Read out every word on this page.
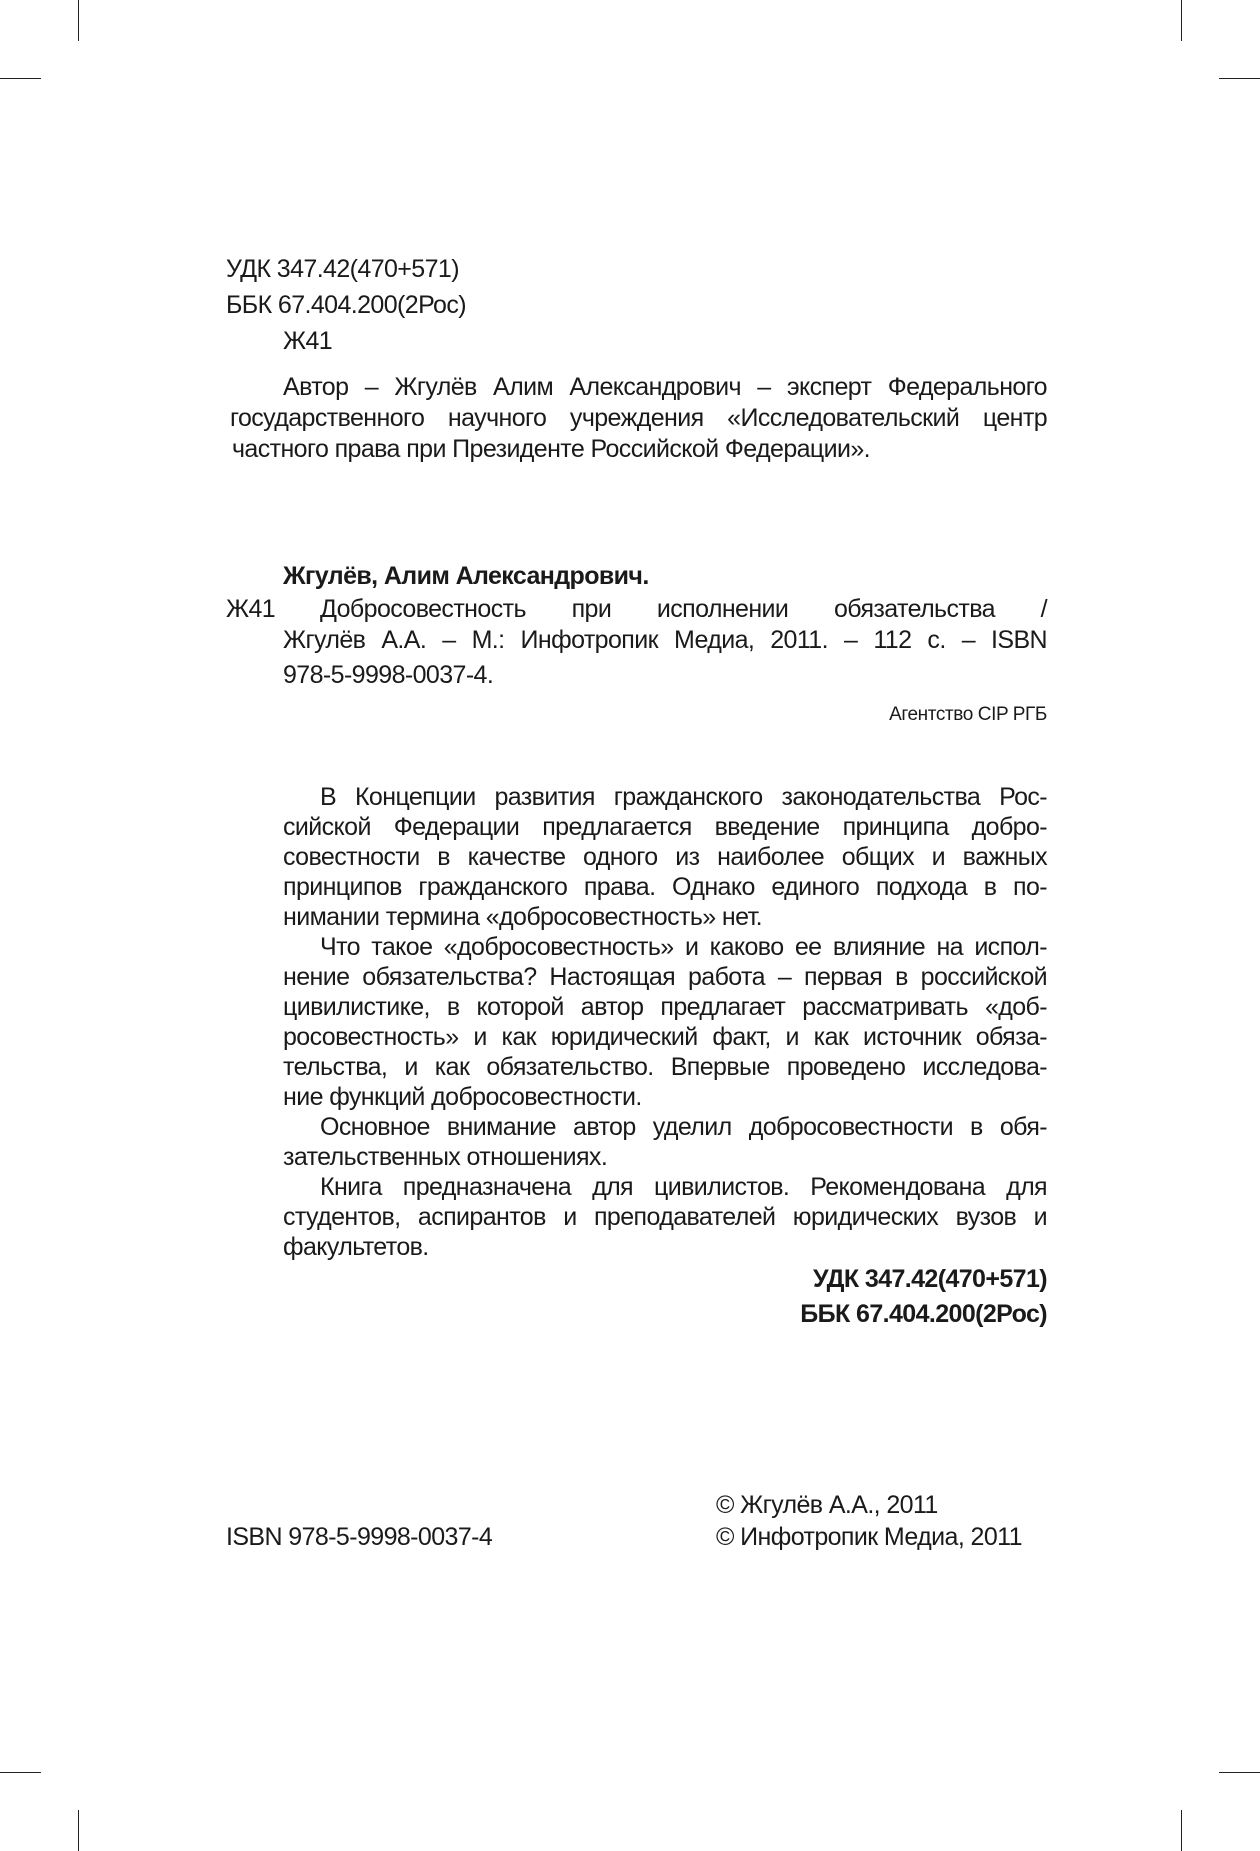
УДК 347.42(470+571)
ББК 67.404.200(2Рос)
Ж41
Автор – Жгулёв Алим Александрович – эксперт Федерального
государственного научного учреждения «Исследовательский центр
частного права при Президенте Российской Федерации».
Жгулёв, Алим Александрович.
Ж41 Добросовестность при исполнении обязательства /
Жгулёв А.А. – М.: Инфотропик Медиа, 2011. – 112 с. – ISBN
978-5-9998-0037-4.
Агентство CIP РГБ
В Концепции развития гражданского законодательства Рос-
сийской Федерации предлагается введение принципа добро-
совестности в качестве одного из наиболее общих и важных
принципов гражданского права. Однако единого подхода в по-
нимании термина «добросовестность» нет.
Что такое «добросовестность» и каково ее влияние на испол-
нение обязательства? Настоящая работа – первая в российской
цивилистике, в которой автор предлагает рассматривать «доб-
росовестность» и как юридический факт, и как источник обяза-
тельства, и как обязательство. Впервые проведено исследова-
ние функций добросовестности.
Основное внимание автор уделил добросовестности в обя-
зательственных отношениях.
Книга предназначена для цивилистов. Рекомендована для
студентов, аспирантов и преподавателей юридических вузов и
факультетов.
УДК 347.42(470+571)
ББК 67.404.200(2Рос)
ISBN 978-5-9998-0037-4
© Жгулёв А.А., 2011
© Инфотропик Медиа, 2011
